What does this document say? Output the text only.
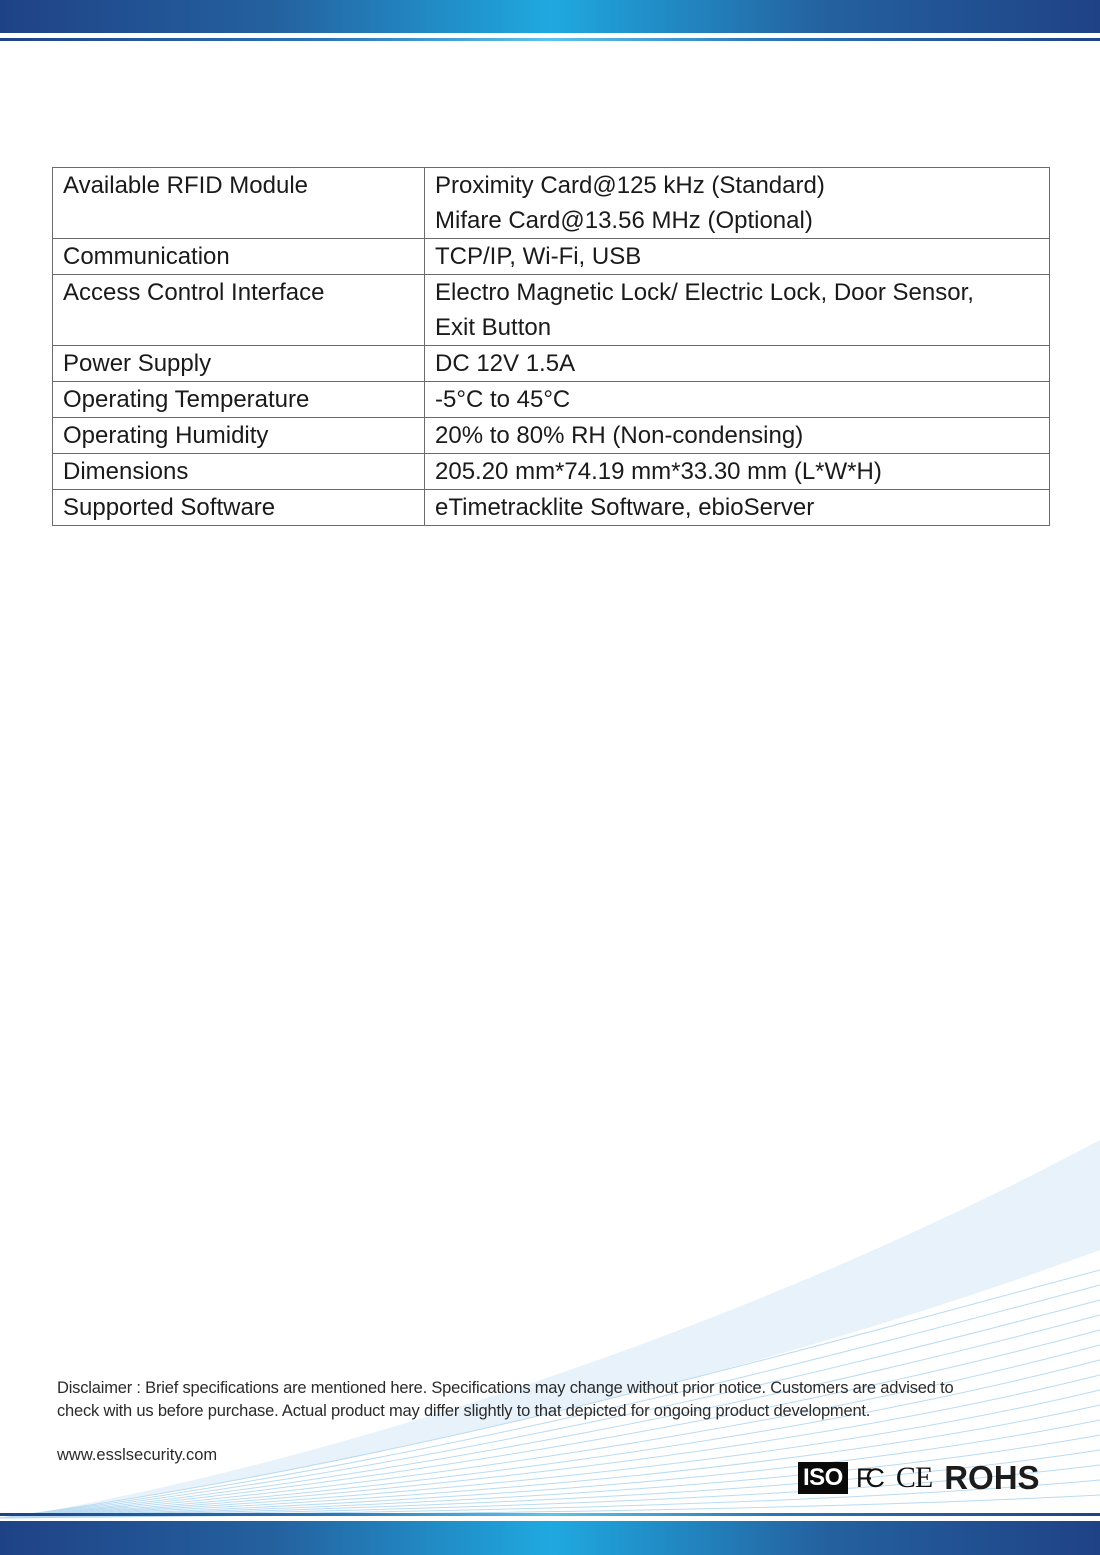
Available RFID Module	Proximity Card@125 kHz (Standard)
Mifare Card@13.56 MHz (Optional)

Communication	TCP/IP, Wi-Fi, USB

Access Control Interface	Electro Magnetic Lock/ Electric Lock, Door Sensor,
Exit Button

Power Supply	DC 12V 1.5A

Operating Temperature	-5°C to 45°C

Operating Humidity	20% to 80% RH (Non-condensing)

Dimensions	205.20 mm*74.19 mm*33.30 mm (L*W*H)

Supported Software	eTimetracklite Software, ebioServer
Disclaimer : Brief specifications are mentioned here. Specifications may change without prior notice. Customers are advised to
check with us before purchase. Actual product may differ slightly to that depicted for ongoing product development.
www.esslsecurity.com
ISO FC CE ROHS
